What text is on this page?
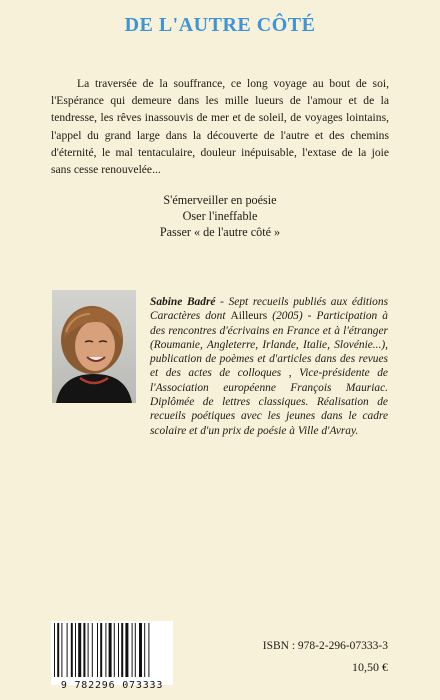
DE L'AUTRE CÔTÉ
La traversée de la souffrance, ce long voyage au bout de soi, l'Espérance qui demeure dans les mille lueurs de l'amour et de la tendresse, les rêves inassouvis de mer et de soleil, de voyages lointains, l'appel du grand large dans la découverte de l'autre et des chemins d'éternité, le mal tentaculaire, douleur inépuisable, l'extase de la joie sans cesse renouvelée...
S'émerveiller en poésie
Oser l'ineffable
Passer « de l'autre côté »
Sabine Badré - Sept recueils publiés aux éditions Caractères dont Ailleurs (2005) - Participation à des rencontres d'écrivains en France et à l'étranger (Roumanie, Angleterre, Irlande, Italie, Slovénie...), publication de poèmes et d'articles dans des revues et des actes de colloques , Vice-présidente de l'Association européenne François Mauriac. Diplômée de lettres classiques. Réalisation de recueils poétiques avec les jeunes dans le cadre scolaire et d'un prix de poésie à Ville d'Avray.
9 782296 073333
ISBN : 978-2-296-07333-3
10,50 €
